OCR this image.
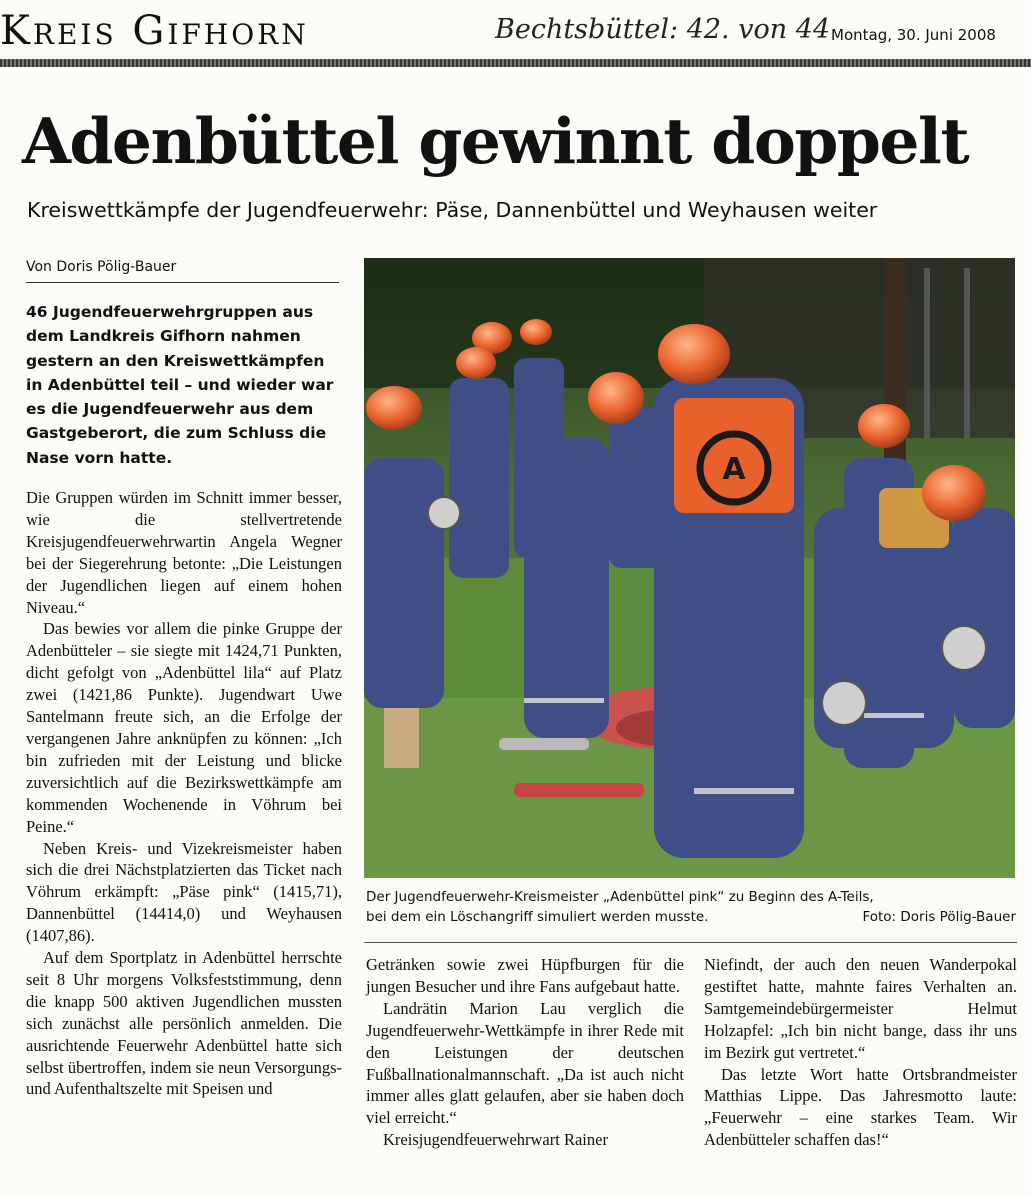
Kreis Gifhorn	Bechtsbüttel: 42. von 44 Montag, 30. Juni 2008
Adenbüttel gewinnt doppelt
Kreiswettkämpfe der Jugendfeuerwehr: Päse, Dannenbüttel und Weyhausen weiter
Von Doris Pölig-Bauer
46 Jugendfeuerwehrgruppen aus dem Landkreis Gifhorn nahmen gestern an den Kreiswettkämpfen in Adenbüttel teil – und wieder war es die Jugendfeuerwehr aus dem Gastgeberort, die zum Schluss die Nase vorn hatte.

Die Gruppen würden im Schnitt immer besser, wie die stellvertretende Kreisjugendfeuerwehrwartin Angela Wegner bei der Siegerehrung betonte: „Die Leistungen der Jugendlichen liegen auf einem hohen Niveau.“

Das bewies vor allem die pinke Gruppe der Adenbütteler – sie siegte mit 1424,71 Punkten, dicht gefolgt von „Adenbüttel lila“ auf Platz zwei (1421,86 Punkte). Jugendwart Uwe Santelmann freute sich, an die Erfolge der vergangenen Jahre anknüpfen zu können: „Ich bin zufrieden mit der Leistung und blicke zuversichtlich auf die Bezirkswettkämpfe am kommenden Wochenende in Vöhrum bei Peine.“

Neben Kreis- und Vizekreismeister haben sich die drei Nächstplatzierten das Ticket nach Vöhrum erkämpft: „Päse pink“ (1415,71), Dannenbüttel (14414,0) und Weyhausen (1407,86).

Auf dem Sportplatz in Adenbüttel herrschte seit 8 Uhr morgens Volksfeststimmung, denn die knapp 500 aktiven Jugendlichen mussten sich zunächst alle persönlich anmelden. Die ausrichtende Feuerwehr Adenbüttel hatte sich selbst übertroffen, indem sie neun Versorgungs- und Aufenthaltszelte mit Speisen und

A
Der Jugendfeuerwehr-Kreismeister „Adenbüttel pink“ zu Beginn des A-Teils,
bei dem ein Löschangriff simuliert werden musste.	Foto: Doris Pölig-Bauer

Getränken sowie zwei Hüpfburgen für die jungen Besucher und ihre Fans aufgebaut hatte.

Landrätin Marion Lau verglich die Jugendfeuerwehr-Wettkämpfe in ihrer Rede mit den Leistungen der deutschen Fußballnationalmannschaft. „Da ist auch nicht immer alles glatt gelaufen, aber sie haben doch viel erreicht.“

Kreisjugendfeuerwehrwart Rainer

Niefindt, der auch den neuen Wanderpokal gestiftet hatte, mahnte faires Verhalten an. Samtgemeindebürgermeister Helmut Holzapfel: „Ich bin nicht bange, dass ihr uns im Bezirk gut vertretet.“

Das letzte Wort hatte Ortsbrandmeister Matthias Lippe. Das Jahresmotto laute: „Feuerwehr – eine starkes Team. Wir Adenbütteler schaffen das!“
